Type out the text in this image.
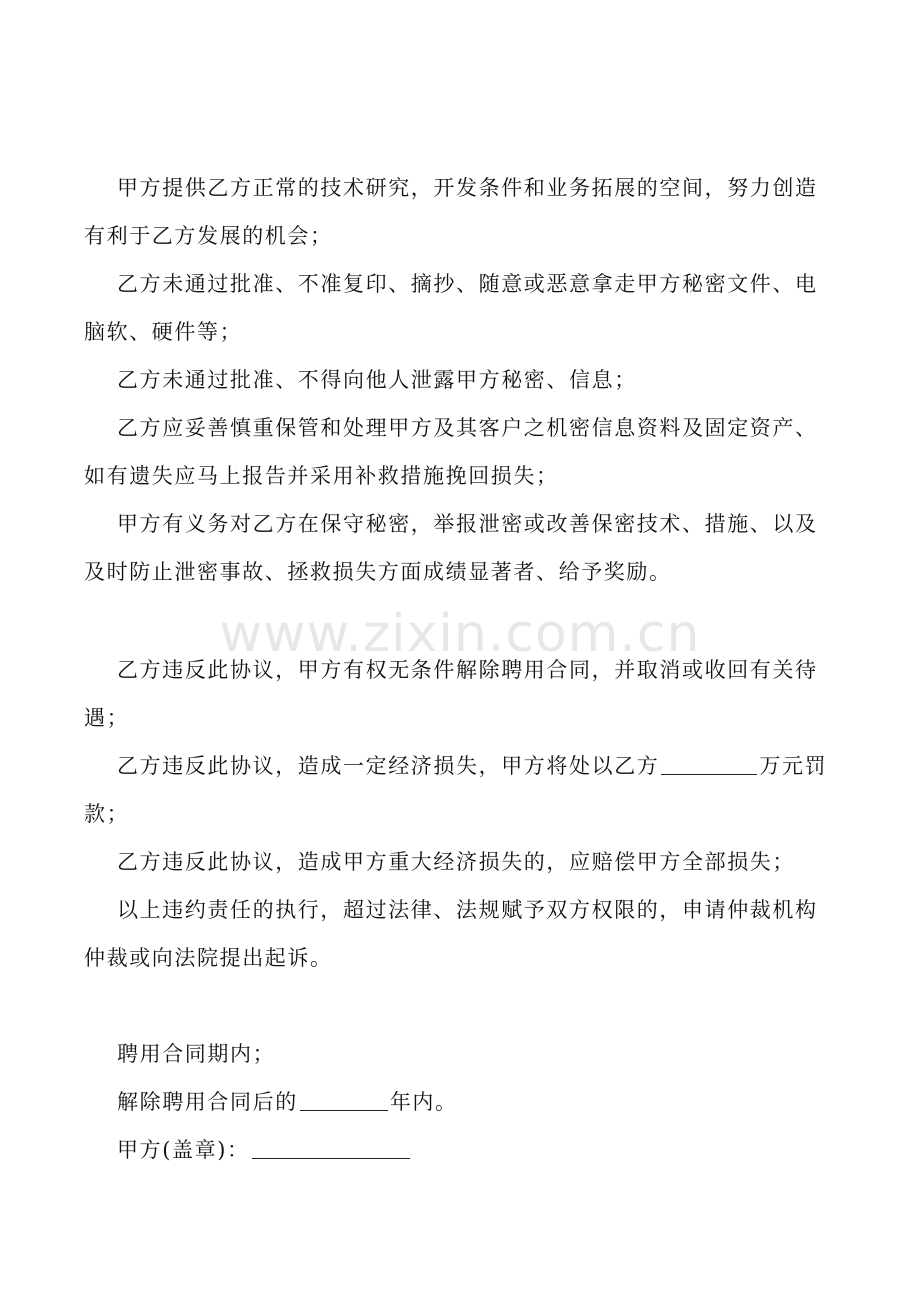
甲方提供乙方正常的技术研究，开发条件和业务拓展的空间，努力创造有利于乙方发展的机会；

乙方未通过批准、不准复印、摘抄、随意或恶意拿走甲方秘密文件、电脑软、硬件等；

乙方未通过批准、不得向他人泄露甲方秘密、信息；

乙方应妥善慎重保管和处理甲方及其客户之机密信息资料及固定资产、如有遗失应马上报告并采用补救措施挽回损失；

甲方有义务对乙方在保守秘密，举报泄密或改善保密技术、措施、以及及时防止泄密事故、拯救损失方面成绩显著者、给予奖励。

www.zixin.com.cn

乙方违反此协议，甲方有权无条件解除聘用合同，并取消或收回有关待遇；

乙方违反此协议，造成一定经济损失，甲方将处以乙方	万元罚款；

乙方违反此协议，造成甲方重大经济损失的，应赔偿甲方全部损失；

以上违约责任的执行，超过法律、法规赋予双方权限的，申请仲裁机构仲裁或向法院提出起诉。

聘用合同期内；

解除聘用合同后的	年内。

甲方(盖章)：
